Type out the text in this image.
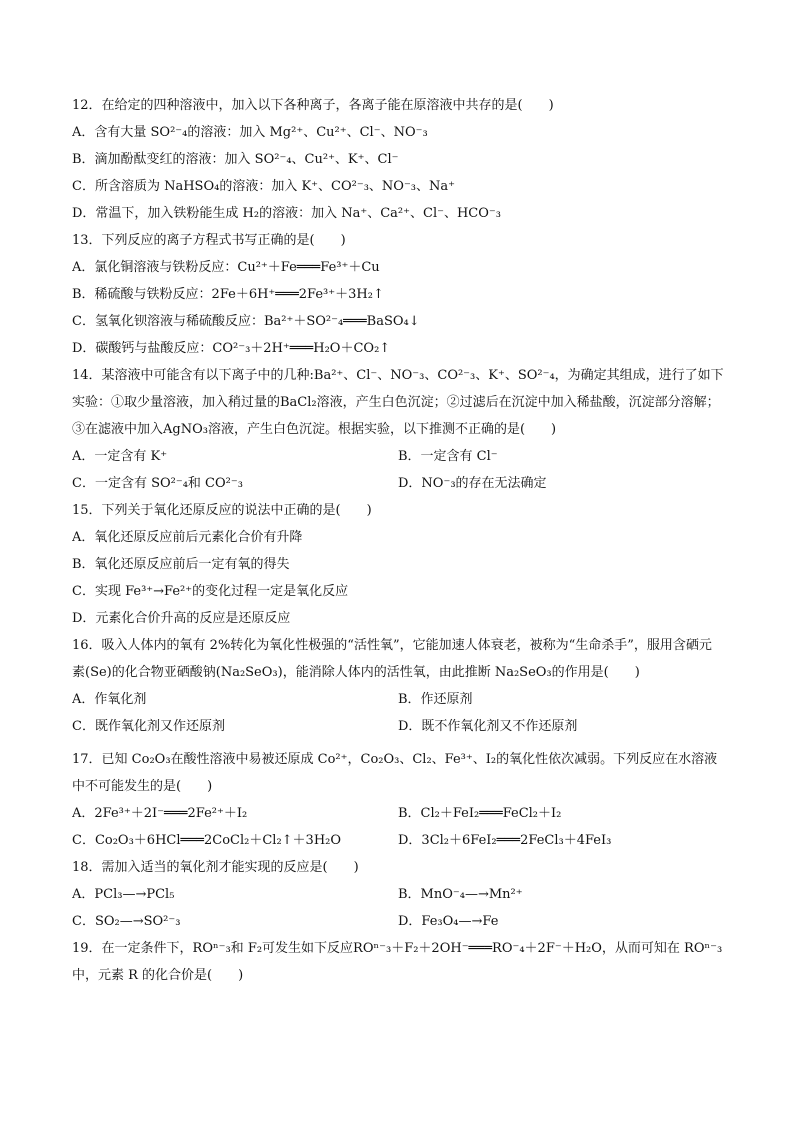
12．在给定的四种溶液中，加入以下各种离子，各离子能在原溶液中共存的是(　　)
A．含有大量 SO²⁻₄的溶液：加入 Mg²⁺、Cu²⁺、Cl⁻、NO⁻₃
B．滴加酚酞变红的溶液：加入 SO²⁻₄、Cu²⁺、K⁺、Cl⁻
C．所含溶质为 NaHSO₄的溶液：加入 K⁺、CO²⁻₃、NO⁻₃、Na⁺
D．常温下，加入铁粉能生成 H₂的溶液：加入 Na⁺、Ca²⁺、Cl⁻、HCO⁻₃
13．下列反应的离子方程式书写正确的是(　　)
A．氯化铜溶液与铁粉反应：Cu²⁺＋Fe═══Fe³⁺＋Cu
B．稀硫酸与铁粉反应：2Fe＋6H⁺═══2Fe³⁺＋3H₂↑
C．氢氧化钡溶液与稀硫酸反应：Ba²⁺＋SO²⁻₄═══BaSO₄↓
D．碳酸钙与盐酸反应：CO²⁻₃＋2H⁺═══H₂O＋CO₂↑
14．某溶液中可能含有以下离子中的几种:Ba²⁺、Cl⁻、NO⁻₃、CO²⁻₃、K⁺、SO²⁻₄，为确定其组成，进行了如下实验：①取少量溶液，加入稍过量的BaCl₂溶液，产生白色沉淀；②过滤后在沉淀中加入稀盐酸，沉淀部分溶解；③在滤液中加入AgNO₃溶液，产生白色沉淀。根据实验，以下推测不正确的是(　　)
A．一定含有 K⁺	B．一定含有 Cl⁻
C．一定含有 SO²⁻₄和 CO²⁻₃	D．NO⁻₃的存在无法确定
15．下列关于氧化还原反应的说法中正确的是(　　)
A．氧化还原反应前后元素化合价有升降
B．氧化还原反应前后一定有氧的得失
C．实现 Fe³⁺→Fe²⁺的变化过程一定是氧化反应
D．元素化合价升高的反应是还原反应
16．吸入人体内的氧有 2%转化为氧化性极强的“活性氧”，它能加速人体衰老，被称为“生命杀手”，服用含硒元素(Se)的化合物亚硒酸钠(Na₂SeO₃)，能消除人体内的活性氧，由此推断 Na₂SeO₃的作用是(　　)
A．作氧化剂	B．作还原剂
C．既作氧化剂又作还原剂	D．既不作氧化剂又不作还原剂
17．已知 Co₂O₃在酸性溶液中易被还原成 Co²⁺，Co₂O₃、Cl₂、Fe³⁺、I₂的氧化性依次减弱。下列反应在水溶液中不可能发生的是(　　)
A．2Fe³⁺＋2I⁻═══2Fe²⁺＋I₂	B．Cl₂＋FeI₂═══FeCl₂＋I₂
C．Co₂O₃＋6HCl═══2CoCl₂＋Cl₂↑＋3H₂O	D．3Cl₂＋6FeI₂═══2FeCl₃＋4FeI₃
18．需加入适当的氧化剂才能实现的反应是(　　)
A．PCl₃—→PCl₅	B．MnO⁻₄—→Mn²⁺
C．SO₂—→SO²⁻₃	D．Fe₃O₄—→Fe
19．在一定条件下，ROⁿ⁻₃和 F₂可发生如下反应ROⁿ⁻₃＋F₂＋2OH⁻═══RO⁻₄＋2F⁻＋H₂O，从而可知在 ROⁿ⁻₃中，元素 R 的化合价是(　　)
